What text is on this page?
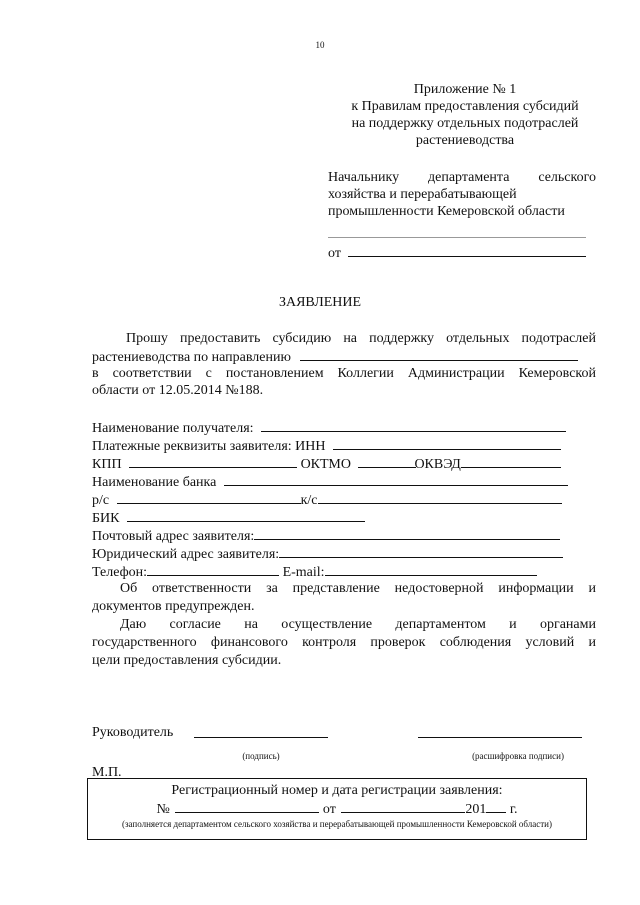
10
Приложение № 1
к Правилам предоставления субсидий
на поддержку отдельных подотраслей
растениеводства
Начальнику департамента сельского
хозяйства и перерабатывающей
промышленности Кемеровской области
от
ЗАЯВЛЕНИЕ
Прошу предоставить субсидию на поддержку отдельных подотраслей
растениеводства по направлению
в соответствии с постановлением Коллегии Администрации Кемеровской
области от 12.05.2014 №188.
Наименование получателя:
Платежные реквизиты заявителя: ИНН
КПП	ОКТМО	ОКВЭД
Наименование банка
р/с	к/с
БИК
Почтовый адрес заявителя:
Юридический адрес заявителя:
Телефон:	E-mail:
Об ответственности за представление недостоверной информации и
документов предупрежден.
Даю согласие на осуществление департаментом и органами
государственного финансового контроля проверок соблюдения условий и
цели предоставления субсидии.
Руководитель
(подпись)	(расшифровка подписи)
М.П.
Регистрационный номер и дата регистрации заявления:
№	от	201 г.
(заполняется департаментом сельского хозяйства и перерабатывающей промышленности Кемеровской области)
